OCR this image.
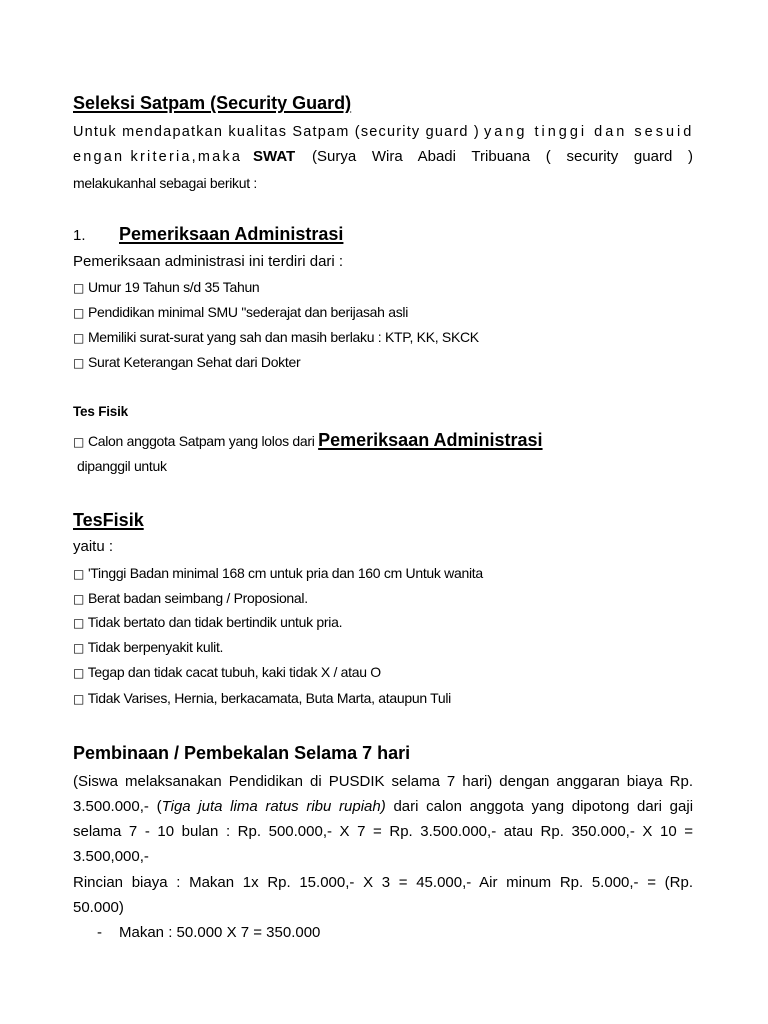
Seleksi Satpam (Security Guard)
Untuk mendapatkan kualitas Satpam (security guard ) yang tinggi dan sesuid
engan kriteria,maka SWAT (Surya Wira Abadi Tribuana ( security guard )
melakukanhal sebagai berikut :
1. Pemeriksaan Administrasi
Pemeriksaan administrasi ini terdiri dari :
□ Umur 19 Tahun s/d 35 Tahun
□ Pendidikan minimal SMU "sederajat dan berijasah asli
□ Memiliki surat-surat yang sah dan masih berlaku : KTP, KK, SKCK
□ Surat Keterangan Sehat dari Dokter
Tes Fisik
□ Calon anggota Satpam yang lolos dari Pemeriksaan Administrasi
dipanggil untuk
TesFisik
yaitu :
□ 'Tinggi Badan minimal 168 cm untuk pria dan 160 cm Untuk wanita
□ Berat badan seimbang / Proposional.
□ Tidak bertato dan tidak bertindik untuk pria.
□ Tidak berpenyakit kulit.
□ Tegap dan tidak cacat tubuh, kaki tidak X / atau O
□ Tidak Varises, Hernia, berkacamata, Buta Marta, ataupun Tuli
Pembinaan / Pembekalan Selama 7 hari
(Siswa melaksanakan Pendidikan di PUSDIK selama 7 hari) dengan anggaran biaya Rp.
3.500.000,- (Tiga juta lima ratus ribu rupiah) dari calon anggota yang dipotong dari gaji
selama 7 - 10 bulan : Rp. 500.000,- X 7 = Rp. 3.500.000,- atau Rp. 350.000,- X 10 =
3.500,000,-
Rincian biaya : Makan 1x Rp. 15.000,- X 3 = 45.000,- Air minum Rp. 5.000,- = (Rp.
50.000)
- Makan : 50.000 X 7 = 350.000
